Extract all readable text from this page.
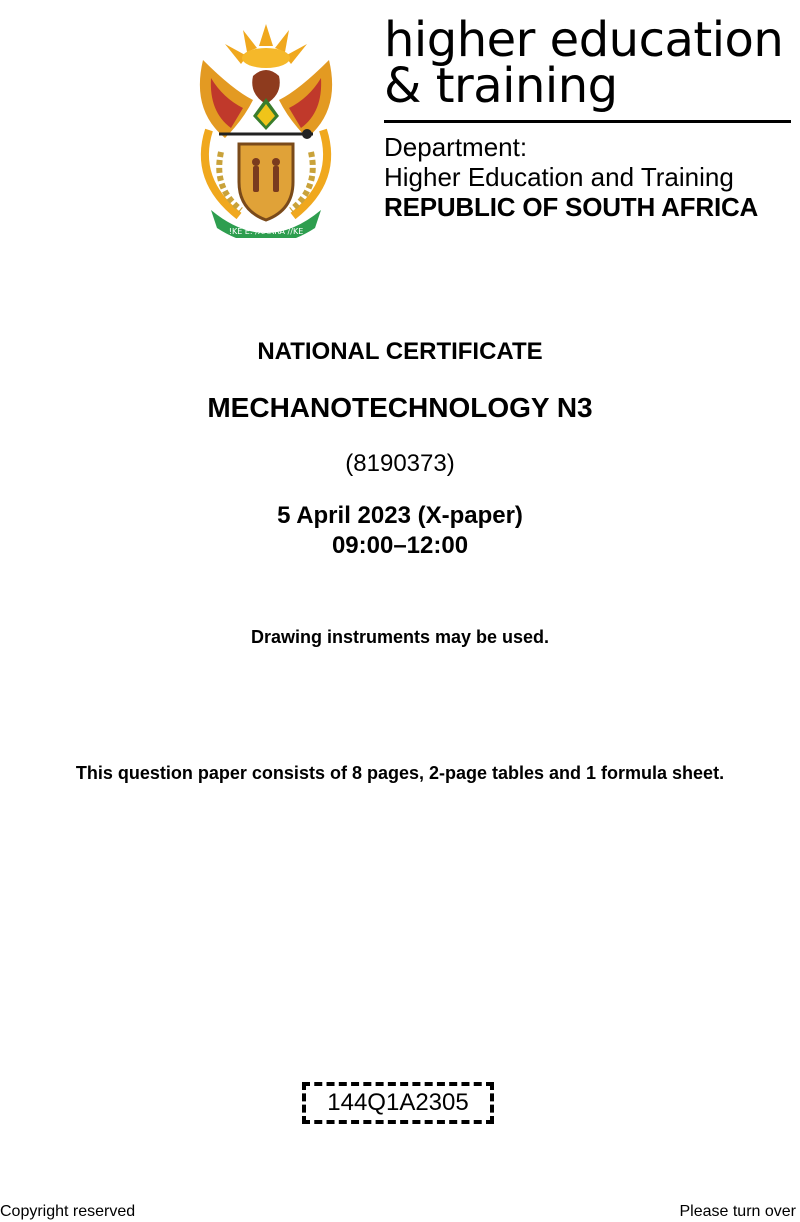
!KE E: /XARRA //KE
higher education
& training
Department:
Higher Education and Training
REPUBLIC OF SOUTH AFRICA
NATIONAL CERTIFICATE
MECHANOTECHNOLOGY N3
(8190373)
5 April 2023 (X-paper)
09:00–12:00
Drawing instruments may be used.
This question paper consists of 8 pages, 2-page tables and 1 formula sheet.
144Q1A2305
Copyright reserved	Please turn over
